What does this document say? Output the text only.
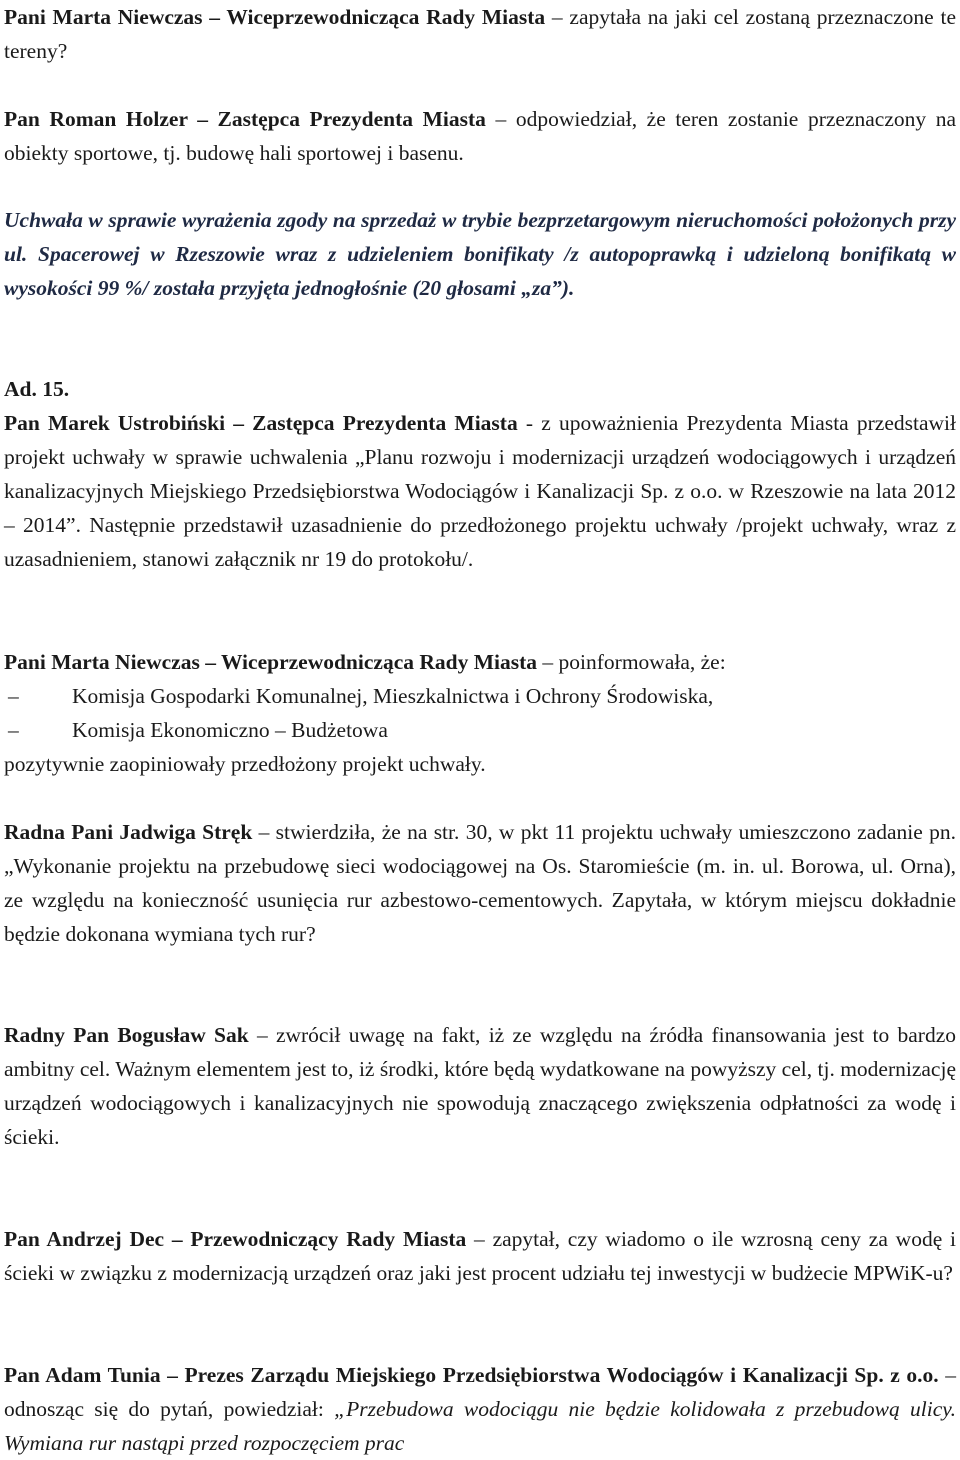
Pani Marta Niewczas – Wiceprzewodnicząca Rady Miasta – zapytała na jaki cel zostaną przeznaczone te tereny?

Pan Roman Holzer – Zastępca Prezydenta Miasta – odpowiedział, że teren zostanie przeznaczony na obiekty sportowe, tj. budowę hali sportowej i basenu.

Uchwała w sprawie wyrażenia zgody na sprzedaż w trybie bezprzetargowym nieruchomości położonych przy ul. Spacerowej w Rzeszowie wraz z udzieleniem bonifikaty /z autopoprawką i udzieloną bonifikatą w wysokości 99 %/ została przyjęta jednogłośnie (20 głosami „za”).

Ad. 15.

Pan Marek Ustrobiński – Zastępca Prezydenta Miasta - z upoważnienia Prezydenta Miasta przedstawił projekt uchwały w sprawie uchwalenia „Planu rozwoju i modernizacji urządzeń wodociągowych i urządzeń kanalizacyjnych Miejskiego Przedsiębiorstwa Wodociągów i Kanalizacji Sp. z o.o. w Rzeszowie na lata 2012 – 2014”. Następnie przedstawił uzasadnienie do przedłożonego projektu uchwały /projekt uchwały, wraz z uzasadnieniem, stanowi załącznik nr 19 do protokołu/.

Pani Marta Niewczas – Wiceprzewodnicząca Rady Miasta – poinformowała, że:

– Komisja Gospodarki Komunalnej, Mieszkalnictwa i Ochrony Środowiska,
– Komisja Ekonomiczno – Budżetowa

pozytywnie zaopiniowały przedłożony projekt uchwały.

Radna Pani Jadwiga Stręk – stwierdziła, że na str. 30, w pkt 11 projektu uchwały umieszczono zadanie pn. „Wykonanie projektu na przebudowę sieci wodociągowej na Os. Staromieście (m. in. ul. Borowa, ul. Orna), ze względu na konieczność usunięcia rur azbestowo-cementowych. Zapytała, w którym miejscu dokładnie będzie dokonana wymiana tych rur?

Radny Pan Bogusław Sak – zwrócił uwagę na fakt, iż ze względu na źródła finansowania jest to bardzo ambitny cel. Ważnym elementem jest to, iż środki, które będą wydatkowane na powyższy cel, tj. modernizację urządzeń wodociągowych i kanalizacyjnych nie spowodują znaczącego zwiększenia odpłatności za wodę i ścieki.

Pan Andrzej Dec – Przewodniczący Rady Miasta – zapytał, czy wiadomo o ile wzrosną ceny za wodę i ścieki w związku z modernizacją urządzeń oraz jaki jest procent udziału tej inwestycji w budżecie MPWiK-u?

Pan Adam Tunia – Prezes Zarządu Miejskiego Przedsiębiorstwa Wodociągów i Kanalizacji Sp. z o.o. – odnosząc się do pytań, powiedział: „Przebudowa wodociągu nie będzie kolidowała z przebudową ulicy. Wymiana rur nastąpi przed rozpoczęciem prac
